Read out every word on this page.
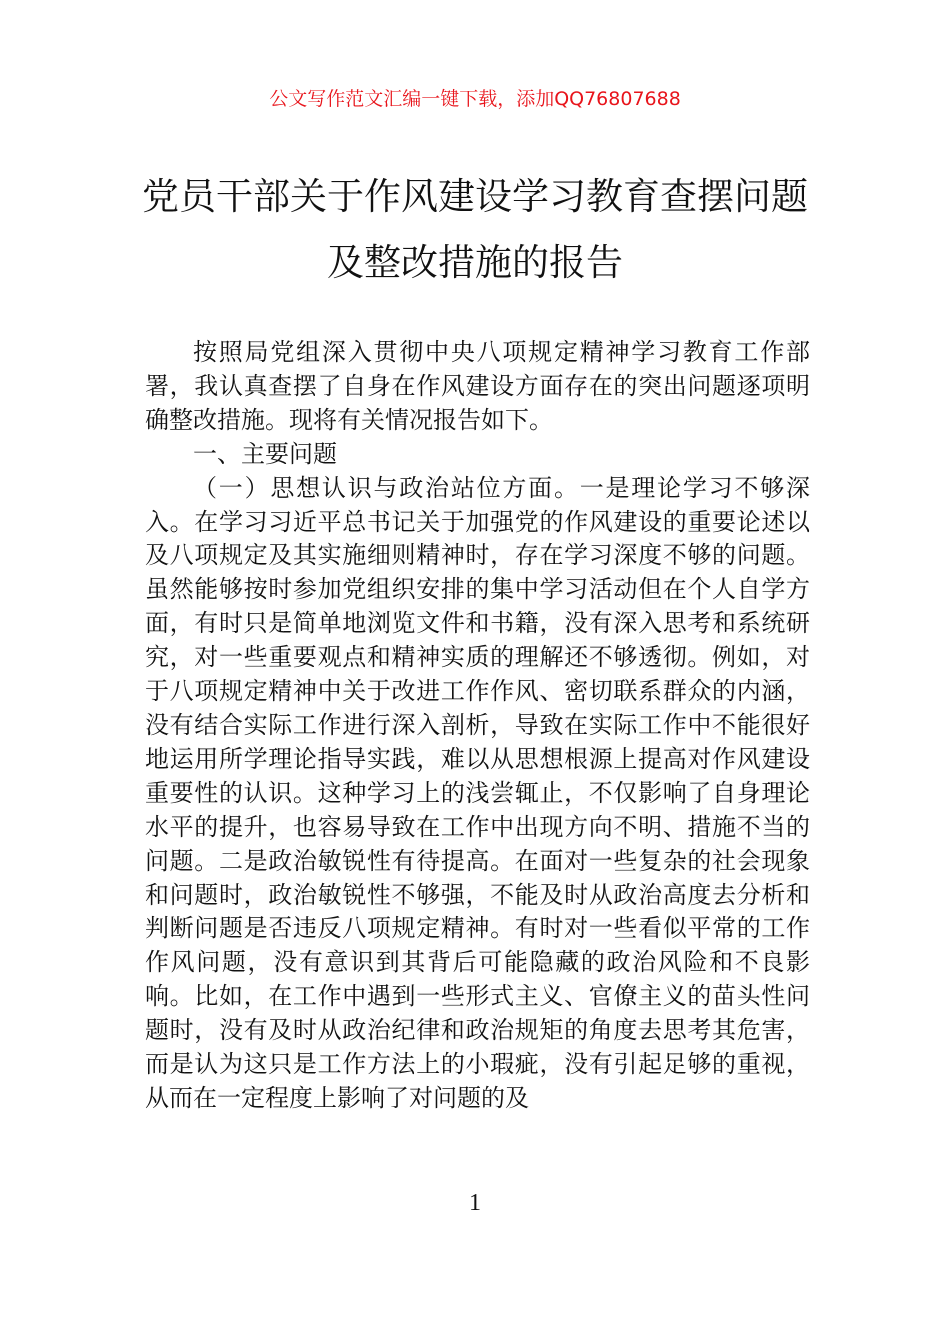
公文写作范文汇编一键下载，添加QQ76807688
党员干部关于作风建设学习教育查摆问题
及整改措施的报告

按照局党组深入贯彻中央八项规定精神学习教育工作部署，我认真查摆了自身在作风建设方面存在的突出问题逐项明确整改措施。现将有关情况报告如下。

一、主要问题

（一）思想认识与政治站位方面。一是理论学习不够深入。在学习习近平总书记关于加强党的作风建设的重要论述以及八项规定及其实施细则精神时，存在学习深度不够的问题。虽然能够按时参加党组织安排的集中学习活动但在个人自学方面，有时只是简单地浏览文件和书籍，没有深入思考和系统研究，对一些重要观点和精神实质的理解还不够透彻。例如，对于八项规定精神中关于改进工作作风、密切联系群众的内涵，没有结合实际工作进行深入剖析，导致在实际工作中不能很好地运用所学理论指导实践，难以从思想根源上提高对作风建设重要性的认识。这种学习上的浅尝辄止，不仅影响了自身理论水平的提升，也容易导致在工作中出现方向不明、措施不当的问题。二是政治敏锐性有待提高。在面对一些复杂的社会现象和问题时，政治敏锐性不够强，不能及时从政治高度去分析和判断问题是否违反八项规定精神。有时对一些看似平常的工作作风问题，没有意识到其背后可能隐藏的政治风险和不良影响。比如，在工作中遇到一些形式主义、官僚主义的苗头性问题时，没有及时从政治纪律和政治规矩的角度去思考其危害，而是认为这只是工作方法上的小瑕疵，没有引起足够的重视，从而在一定程度上影响了对问题的及

1
